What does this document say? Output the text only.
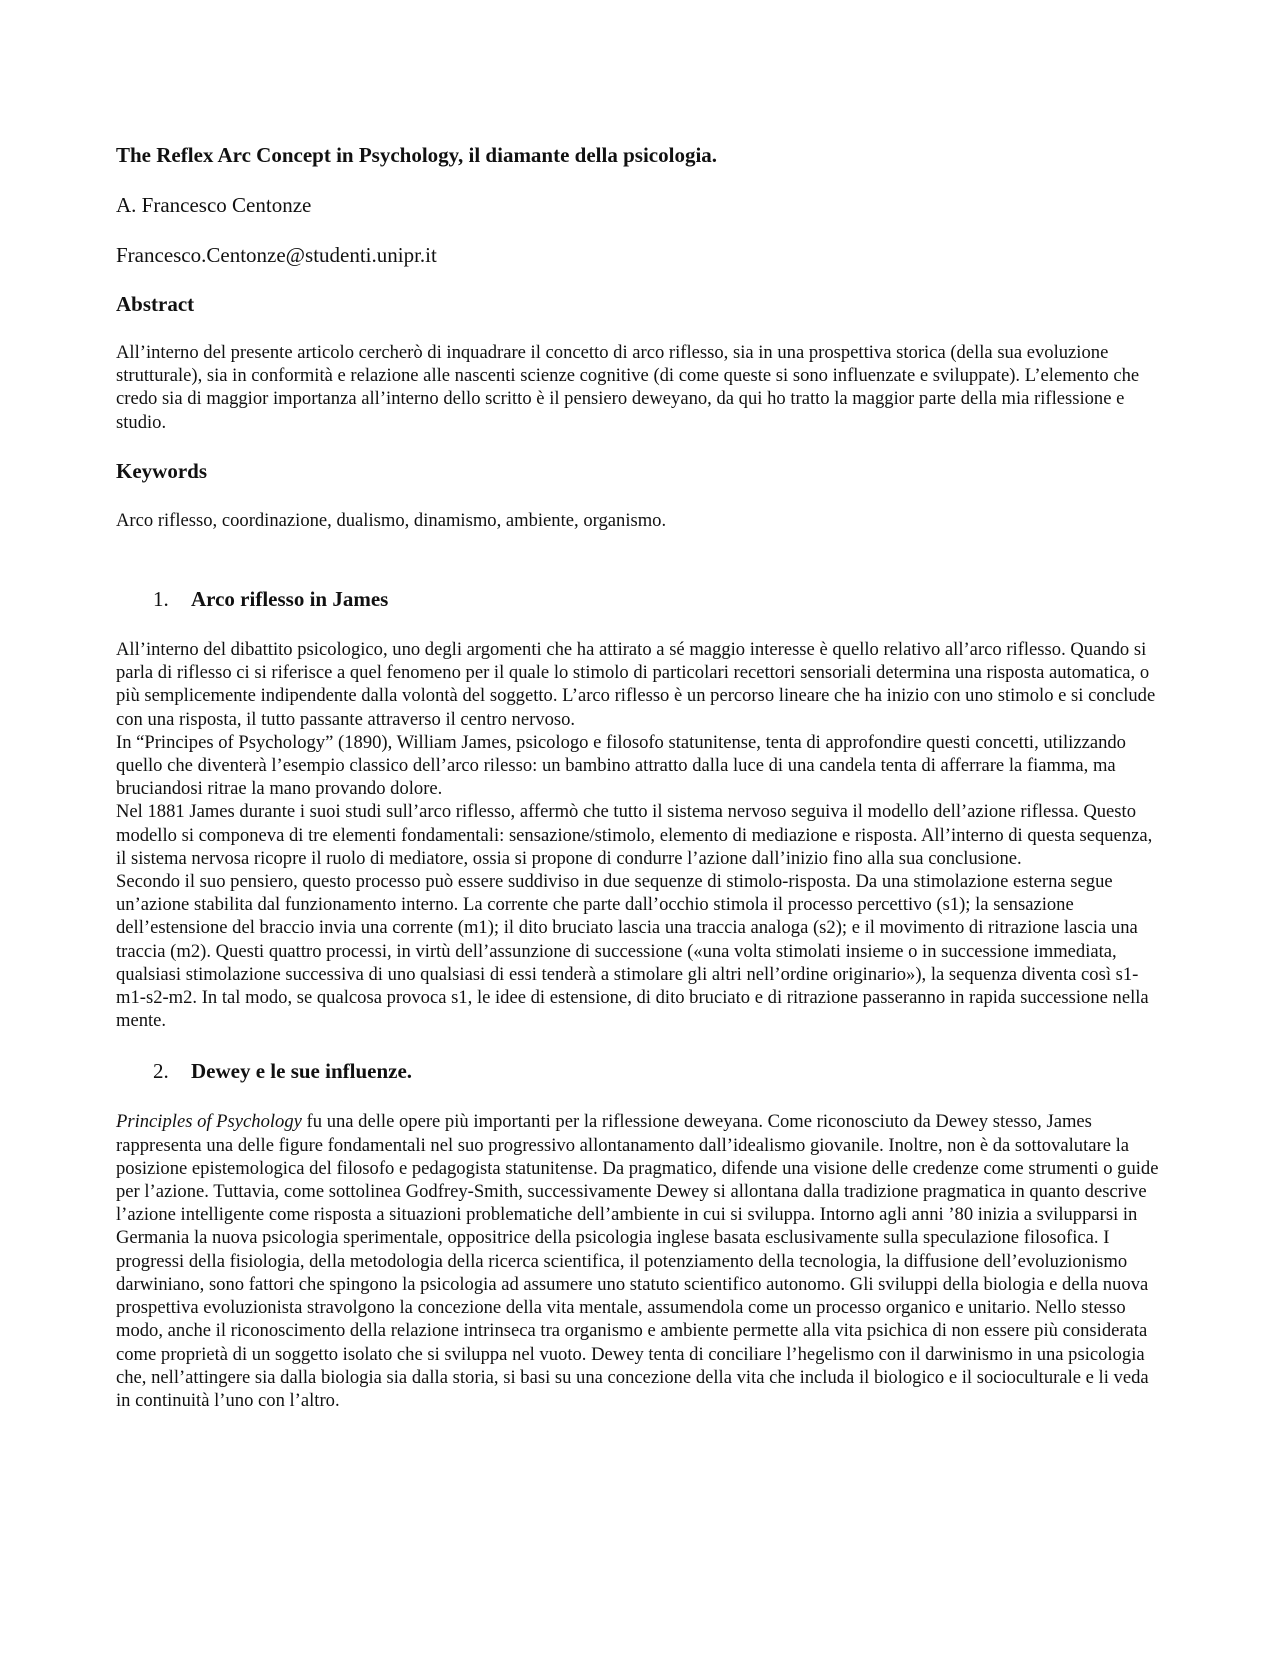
The Reflex Arc Concept in Psychology, il diamante della psicologia.

A. Francesco Centonze

Francesco.Centonze@studenti.unipr.it

Abstract

All’interno del presente articolo cercherò di inquadrare il concetto di arco riflesso, sia in una prospettiva storica (della sua evoluzione strutturale), sia in conformità e relazione alle nascenti scienze cognitive (di come queste si sono influenzate e sviluppate). L’elemento che credo sia di maggior importanza all’interno dello scritto è il pensiero deweyano, da qui ho tratto la maggior parte della mia riflessione e studio.

Keywords

Arco riflesso, coordinazione, dualismo, dinamismo, ambiente, organismo.

1.	Arco riflesso in James
All’interno del dibattito psicologico, uno degli argomenti che ha attirato a sé maggio interesse è quello relativo all’arco riflesso. Quando si parla di riflesso ci si riferisce a quel fenomeno per il quale lo stimolo di particolari recettori sensoriali determina una risposta automatica, o più semplicemente indipendente dalla volontà del soggetto. L’arco riflesso è un percorso lineare che ha inizio con uno stimolo e si conclude con una risposta, il tutto passante attraverso il centro nervoso.
In “Principes of Psychology” (1890), William James, psicologo e filosofo statunitense, tenta di approfondire questi concetti, utilizzando quello che diventerà l’esempio classico dell’arco rilesso: un bambino attratto dalla luce di una candela tenta di afferrare la fiamma, ma bruciandosi ritrae la mano provando dolore.
Nel 1881 James durante i suoi studi sull’arco riflesso, affermò che tutto il sistema nervoso seguiva il modello dell’azione riflessa. Questo modello si componeva di tre elementi fondamentali: sensazione/stimolo, elemento di mediazione e risposta. All’interno di questa sequenza, il sistema nervosa ricopre il ruolo di mediatore, ossia si propone di condurre l’azione dall’inizio fino alla sua conclusione.
Secondo il suo pensiero, questo processo può essere suddiviso in due sequenze di stimolo-risposta. Da una stimolazione esterna segue un’azione stabilita dal funzionamento interno. La corrente che parte dall’occhio stimola il processo percettivo (s1); la sensazione dell’estensione del braccio invia una corrente (m1); il dito bruciato lascia una traccia analoga (s2); e il movimento di ritrazione lascia una traccia (m2). Questi quattro processi, in virtù dell’assunzione di successione («una volta stimolati insieme o in successione immediata, qualsiasi stimolazione successiva di uno qualsiasi di essi tenderà a stimolare gli altri nell’ordine originario»), la sequenza diventa così s1-m1-s2-m2. In tal modo, se qualcosa provoca s1, le idee di estensione, di dito bruciato e di ritrazione passeranno in rapida successione nella mente.
2.	Dewey e le sue influenze.

Principles of Psychology fu una delle opere più importanti per la riflessione deweyana. Come riconosciuto da Dewey stesso, James rappresenta una delle figure fondamentali nel suo progressivo allontanamento dall’idealismo giovanile. Inoltre, non è da sottovalutare la posizione epistemologica del filosofo e pedagogista statunitense. Da pragmatico, difende una visione delle credenze come strumenti o guide per l’azione. Tuttavia, come sottolinea Godfrey-Smith, successivamente Dewey si allontana dalla tradizione pragmatica in quanto descrive l’azione intelligente come risposta a situazioni problematiche dell’ambiente in cui si sviluppa. Intorno agli anni ’80 inizia a svilupparsi in Germania la nuova psicologia sperimentale, oppositrice della psicologia inglese basata esclusivamente sulla speculazione filosofica. I progressi della fisiologia, della metodologia della ricerca scientifica, il potenziamento della tecnologia, la diffusione dell’evoluzionismo darwiniano, sono fattori che spingono la psicologia ad assumere uno statuto scientifico autonomo. Gli sviluppi della biologia e della nuova prospettiva evoluzionista stravolgono la concezione della vita mentale, assumendola come un processo organico e unitario. Nello stesso modo, anche il riconoscimento della relazione intrinseca tra organismo e ambiente permette alla vita psichica di non essere più considerata come proprietà di un soggetto isolato che si sviluppa nel vuoto. Dewey tenta di conciliare l’hegelismo con il darwinismo in una psicologia che, nell’attingere sia dalla biologia sia dalla storia, si basi su una concezione della vita che includa il biologico e il socioculturale e li veda in continuità l’uno con l’altro.
